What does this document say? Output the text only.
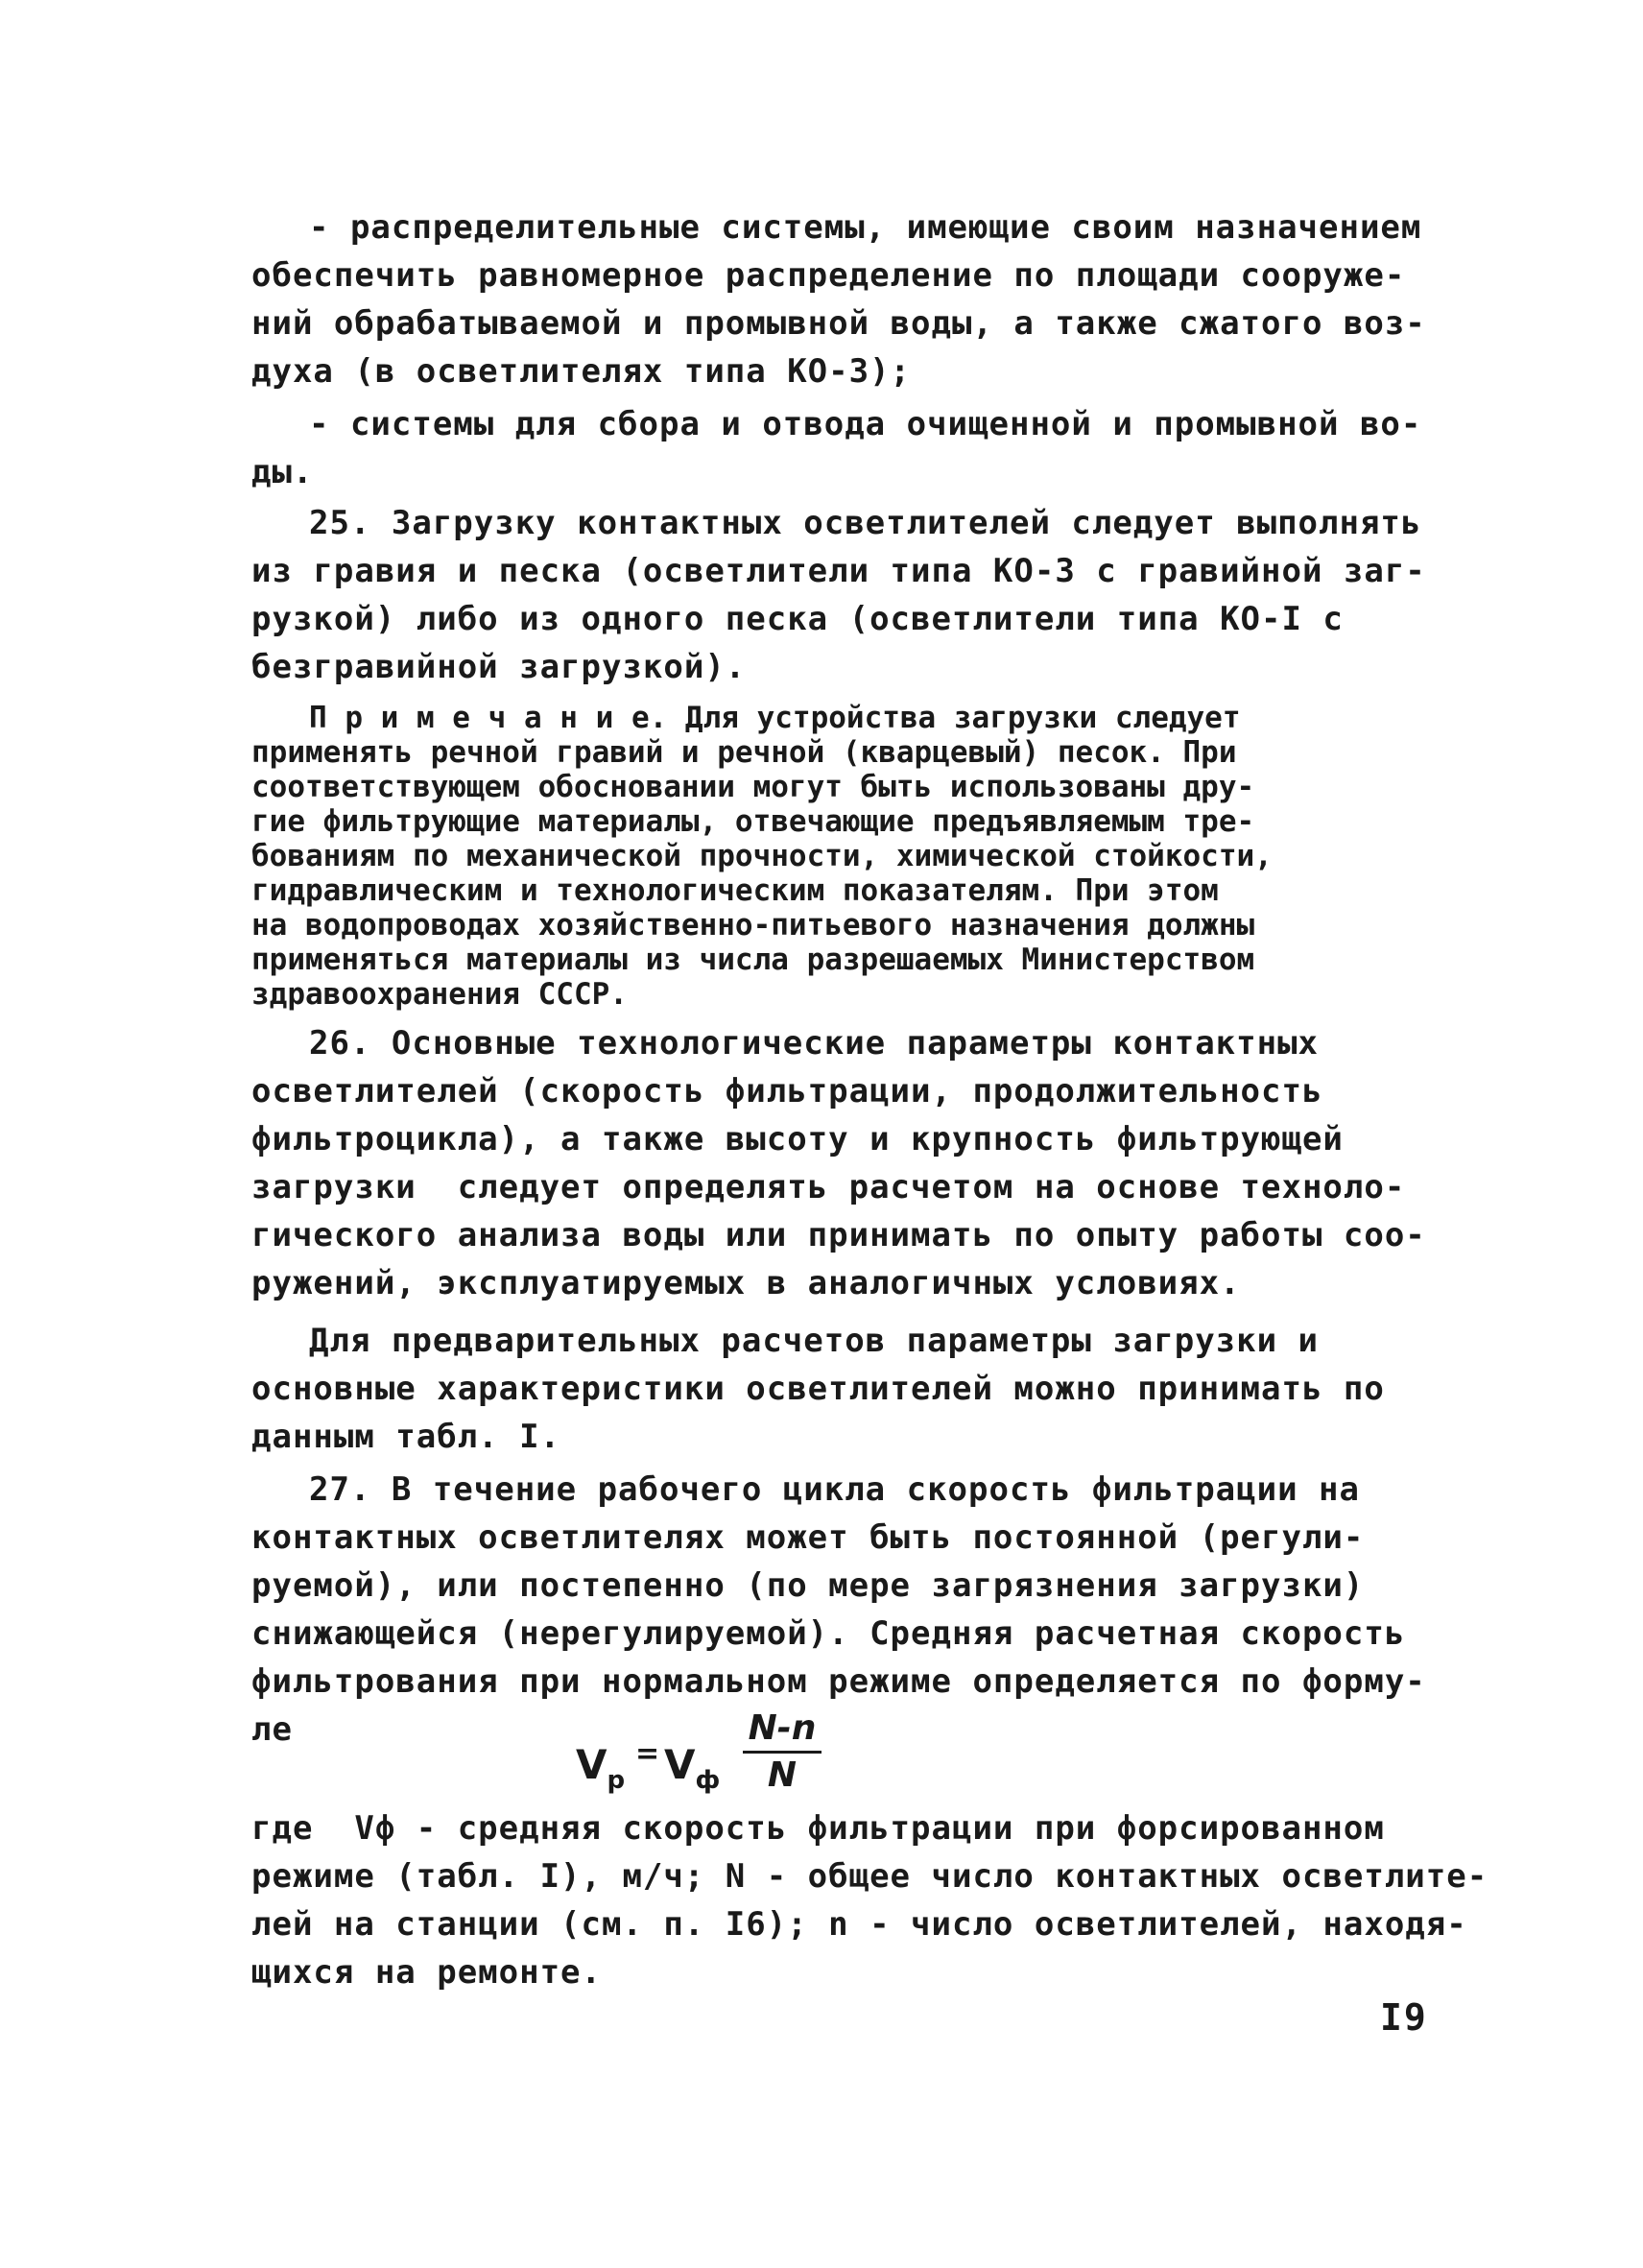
- распределительные системы, имеющие своим назначением
обеспечить равномерное распределение по площади сооруже-
ний обрабатываемой и промывной воды, а также сжатого воз-
духа (в осветлителях типа КО-3);
- системы для сбора и отвода очищенной и промывной во-
ды.
25. Загрузку контактных осветлителей следует выполнять
из гравия и песка (осветлители типа КО-3 с гравийной заг-
рузкой) либо из одного песка (осветлители типа КО-I с
безгравийной загрузкой).
П р и м е ч а н и е. Для устройства загрузки следует
применять речной гравий и речной (кварцевый) песок. При
соответствующем обосновании могут быть использованы дру-
гие фильтрующие материалы, отвечающие предъявляемым тре-
бованиям по механической прочности, химической стойкости,
гидравлическим и технологическим показателям. При этом
на водопроводах хозяйственно-питьевого назначения должны
применяться материалы из числа разрешаемых Министерством
здравоохранения СССР.
26. Основные технологические параметры контактных
осветлителей (скорость фильтрации, продолжительность
фильтроцикла), а также высоту и крупность фильтрующей
загрузки  следует определять расчетом на основе техноло-
гического анализа воды или принимать по опыту работы соо-
ружений, эксплуатируемых в аналогичных условиях.
Для предварительных расчетов параметры загрузки и
основные характеристики осветлителей можно принимать по
данным табл. I.
27. В течение рабочего цикла скорость фильтрации на
контактных осветлителях может быть постоянной (регули-
руемой), или постепенно (по мере загрязнения загрузки)
снижающейся (нерегулируемой). Средняя расчетная скорость
фильтрования при нормальном режиме определяется по форму-
ле
$V_р$
= $V_ф$
N-n
N
где  Vф - средняя скорость фильтрации при форсированном
режиме (табл. I), м/ч; N - общее число контактных осветлите-
лей на станции (см. п. I6); n - число осветлителей, находя-
щихся на ремонте.
I9
